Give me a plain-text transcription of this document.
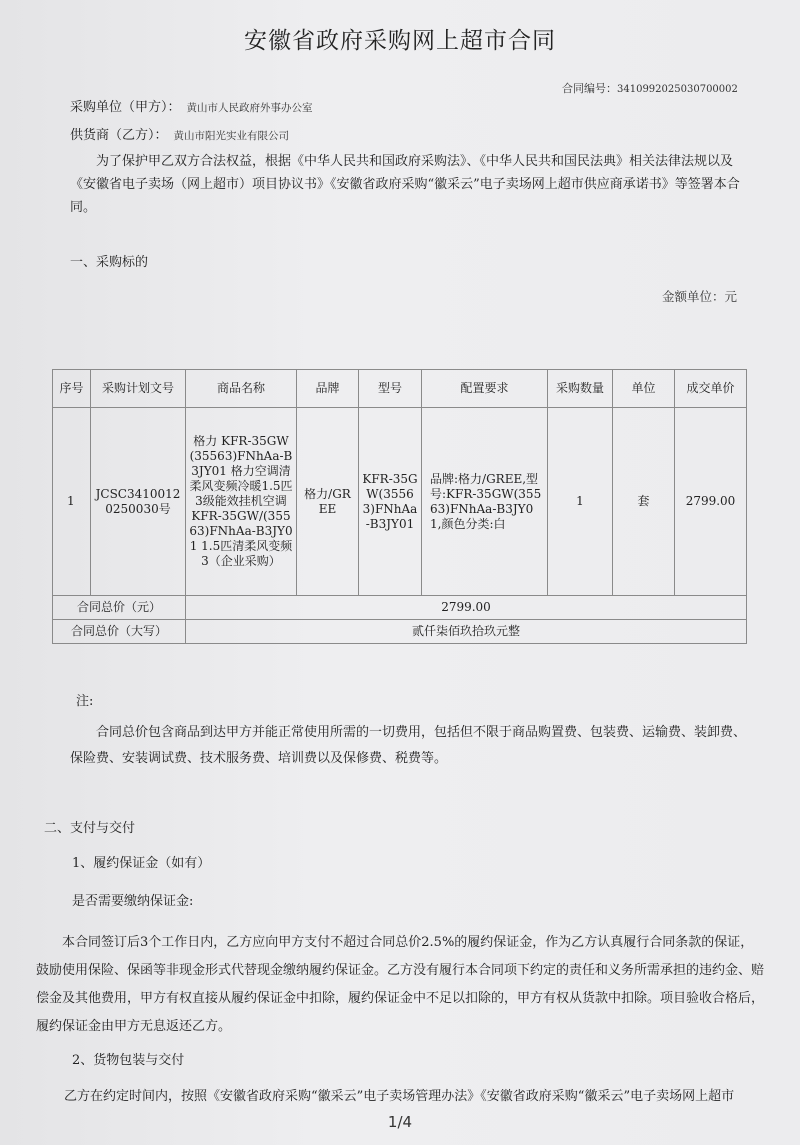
安徽省政府采购网上超市合同
合同编号：3410992025030700002
采购单位（甲方）： 黄山市人民政府外事办公室
供货商（乙方）： 黄山市阳光实业有限公司
为了保护甲乙双方合法权益，根据《中华人民共和国政府采购法》、《中华人民共和国民法典》相关法律法规以及《安徽省电子卖场（网上超市）项目协议书》《安徽省政府采购“徽采云”电子卖场网上超市供应商承诺书》等签署本合同。
一、采购标的
金额单位：元
序号	采购计划文号	商品名称	品牌	型号	配置要求	采购数量	单位	成交单价
1	JCSC34100120250030号	格力 KFR-35GW(35563)FNhAa-B3JY01 格力空调清柔风变频冷暖1.5匹3级能效挂机空调 KFR-35GW/(35563)FNhAa-B3JY01 1.5匹清柔风变频3（企业采购）	格力/GREE	KFR-35GW(35563)FNhAa-B3JY01	品牌:格力/GREE,型号:KFR-35GW(35563)FNhAa-B3JY01,颜色分类:白	1	套	2799.00
合同总价（元）		2799.00						
合同总价（大写）		贰仟柒佰玖拾玖元整						
注:
合同总价包含商品到达甲方并能正常使用所需的一切费用，包括但不限于商品购置费、包装费、运输费、装卸费、保险费、安装调试费、技术服务费、培训费以及保修费、税费等。
二、支付与交付
1、履约保证金（如有）
是否需要缴纳保证金:
本合同签订后3个工作日内，乙方应向甲方支付不超过合同总价2.5%的履约保证金，作为乙方认真履行合同条款的保证，鼓励使用保险、保函等非现金形式代替现金缴纳履约保证金。乙方没有履行本合同项下约定的责任和义务所需承担的违约金、赔偿金及其他费用，甲方有权直接从履约保证金中扣除，履约保证金中不足以扣除的，甲方有权从货款中扣除。项目验收合格后，履约保证金由甲方无息返还乙方。
2、货物包装与交付
乙方在约定时间内，按照《安徽省政府采购“徽采云”电子卖场管理办法》《安徽省政府采购“徽采云”电子卖场网上超市
1/4
